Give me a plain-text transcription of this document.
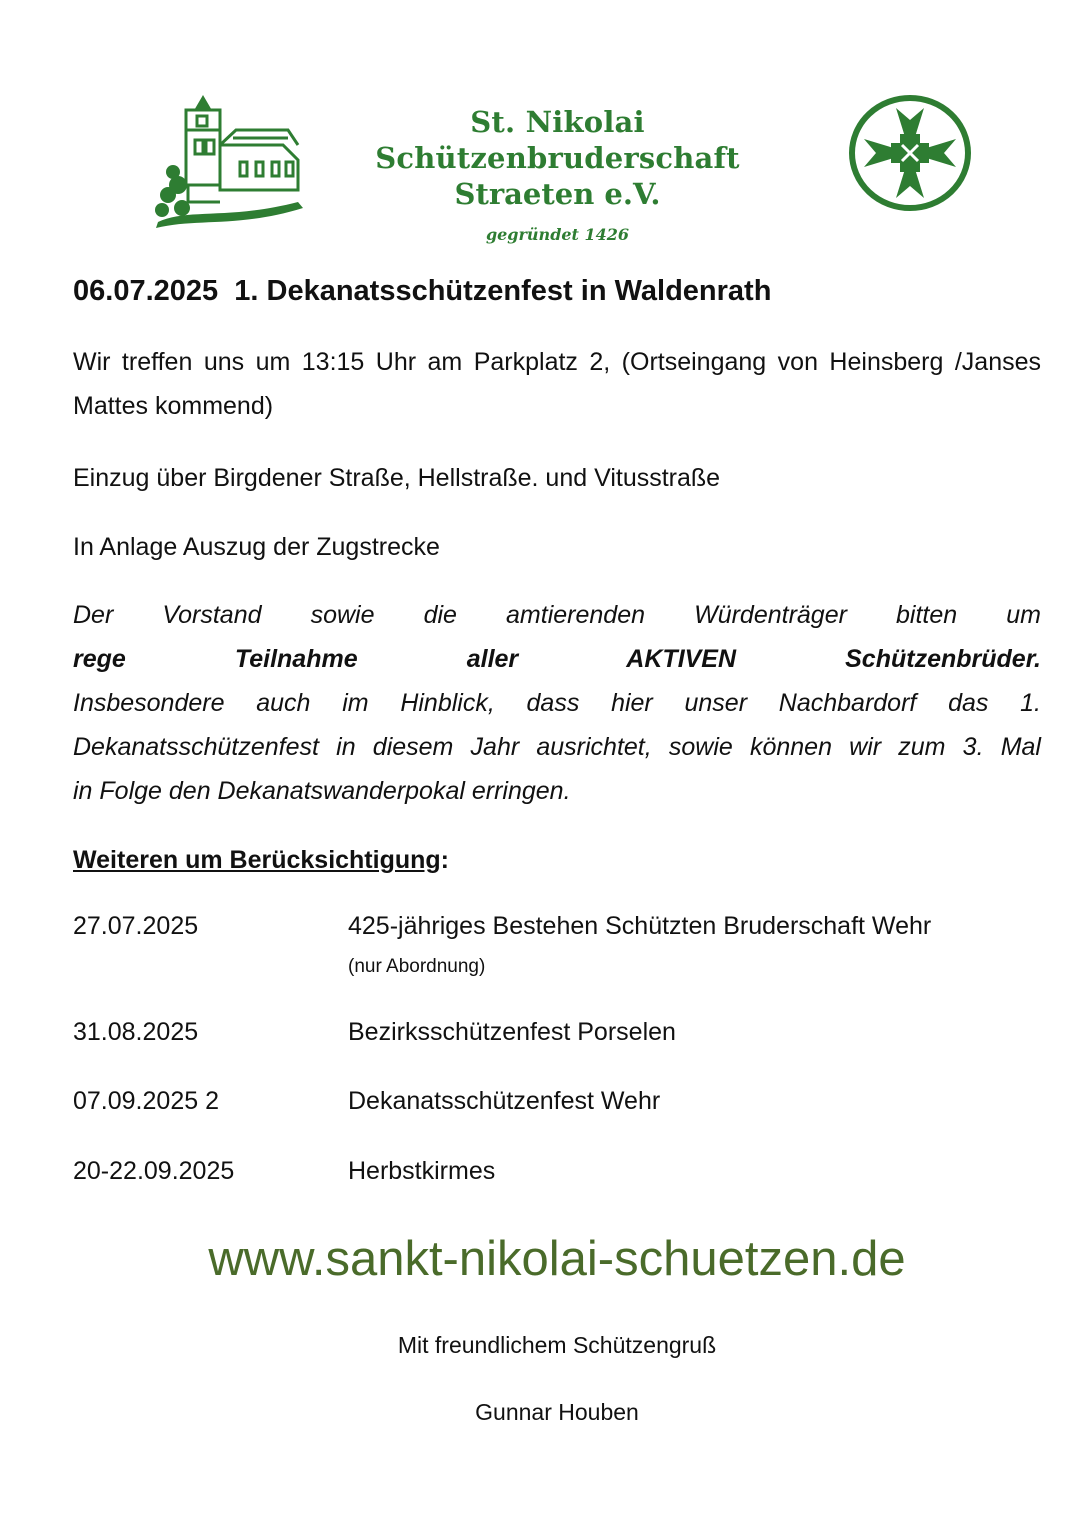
St. Nikolai Schützenbruderschaft
Straeten e.V.
gegründet 1426
06.07.2025  1. Dekanatsschützenfest in Waldenrath
Wir treffen uns um 13:15 Uhr am Parkplatz 2, (Ortseingang von Heinsberg /Janses Mattes kommend)
Einzug über Birgdener Straße, Hellstraße. und Vitusstraße
In Anlage Auszug der Zugstrecke
Der Vorstand sowie die amtierenden Würdenträger bitten um
rege Teilnahme aller AKTIVEN Schützenbrüder.
Insbesondere auch im Hinblick, dass hier unser Nachbardorf das 1.
Dekanatsschützenfest in diesem Jahr ausrichtet, sowie können wir zum 3. Mal
in Folge den Dekanatswanderpokal erringen.
Weiteren um Berücksichtigung:
27.07.2025	425-jähriges Bestehen Schützten Bruderschaft Wehr
(nur Abordnung)
31.08.2025	Bezirksschützenfest Porselen
07.09.2025 2	Dekanatsschützenfest Wehr
20-22.09.2025	Herbstkirmes
www.sankt-nikolai-schuetzen.de
Mit freundlichem Schützengruß
Gunnar Houben
